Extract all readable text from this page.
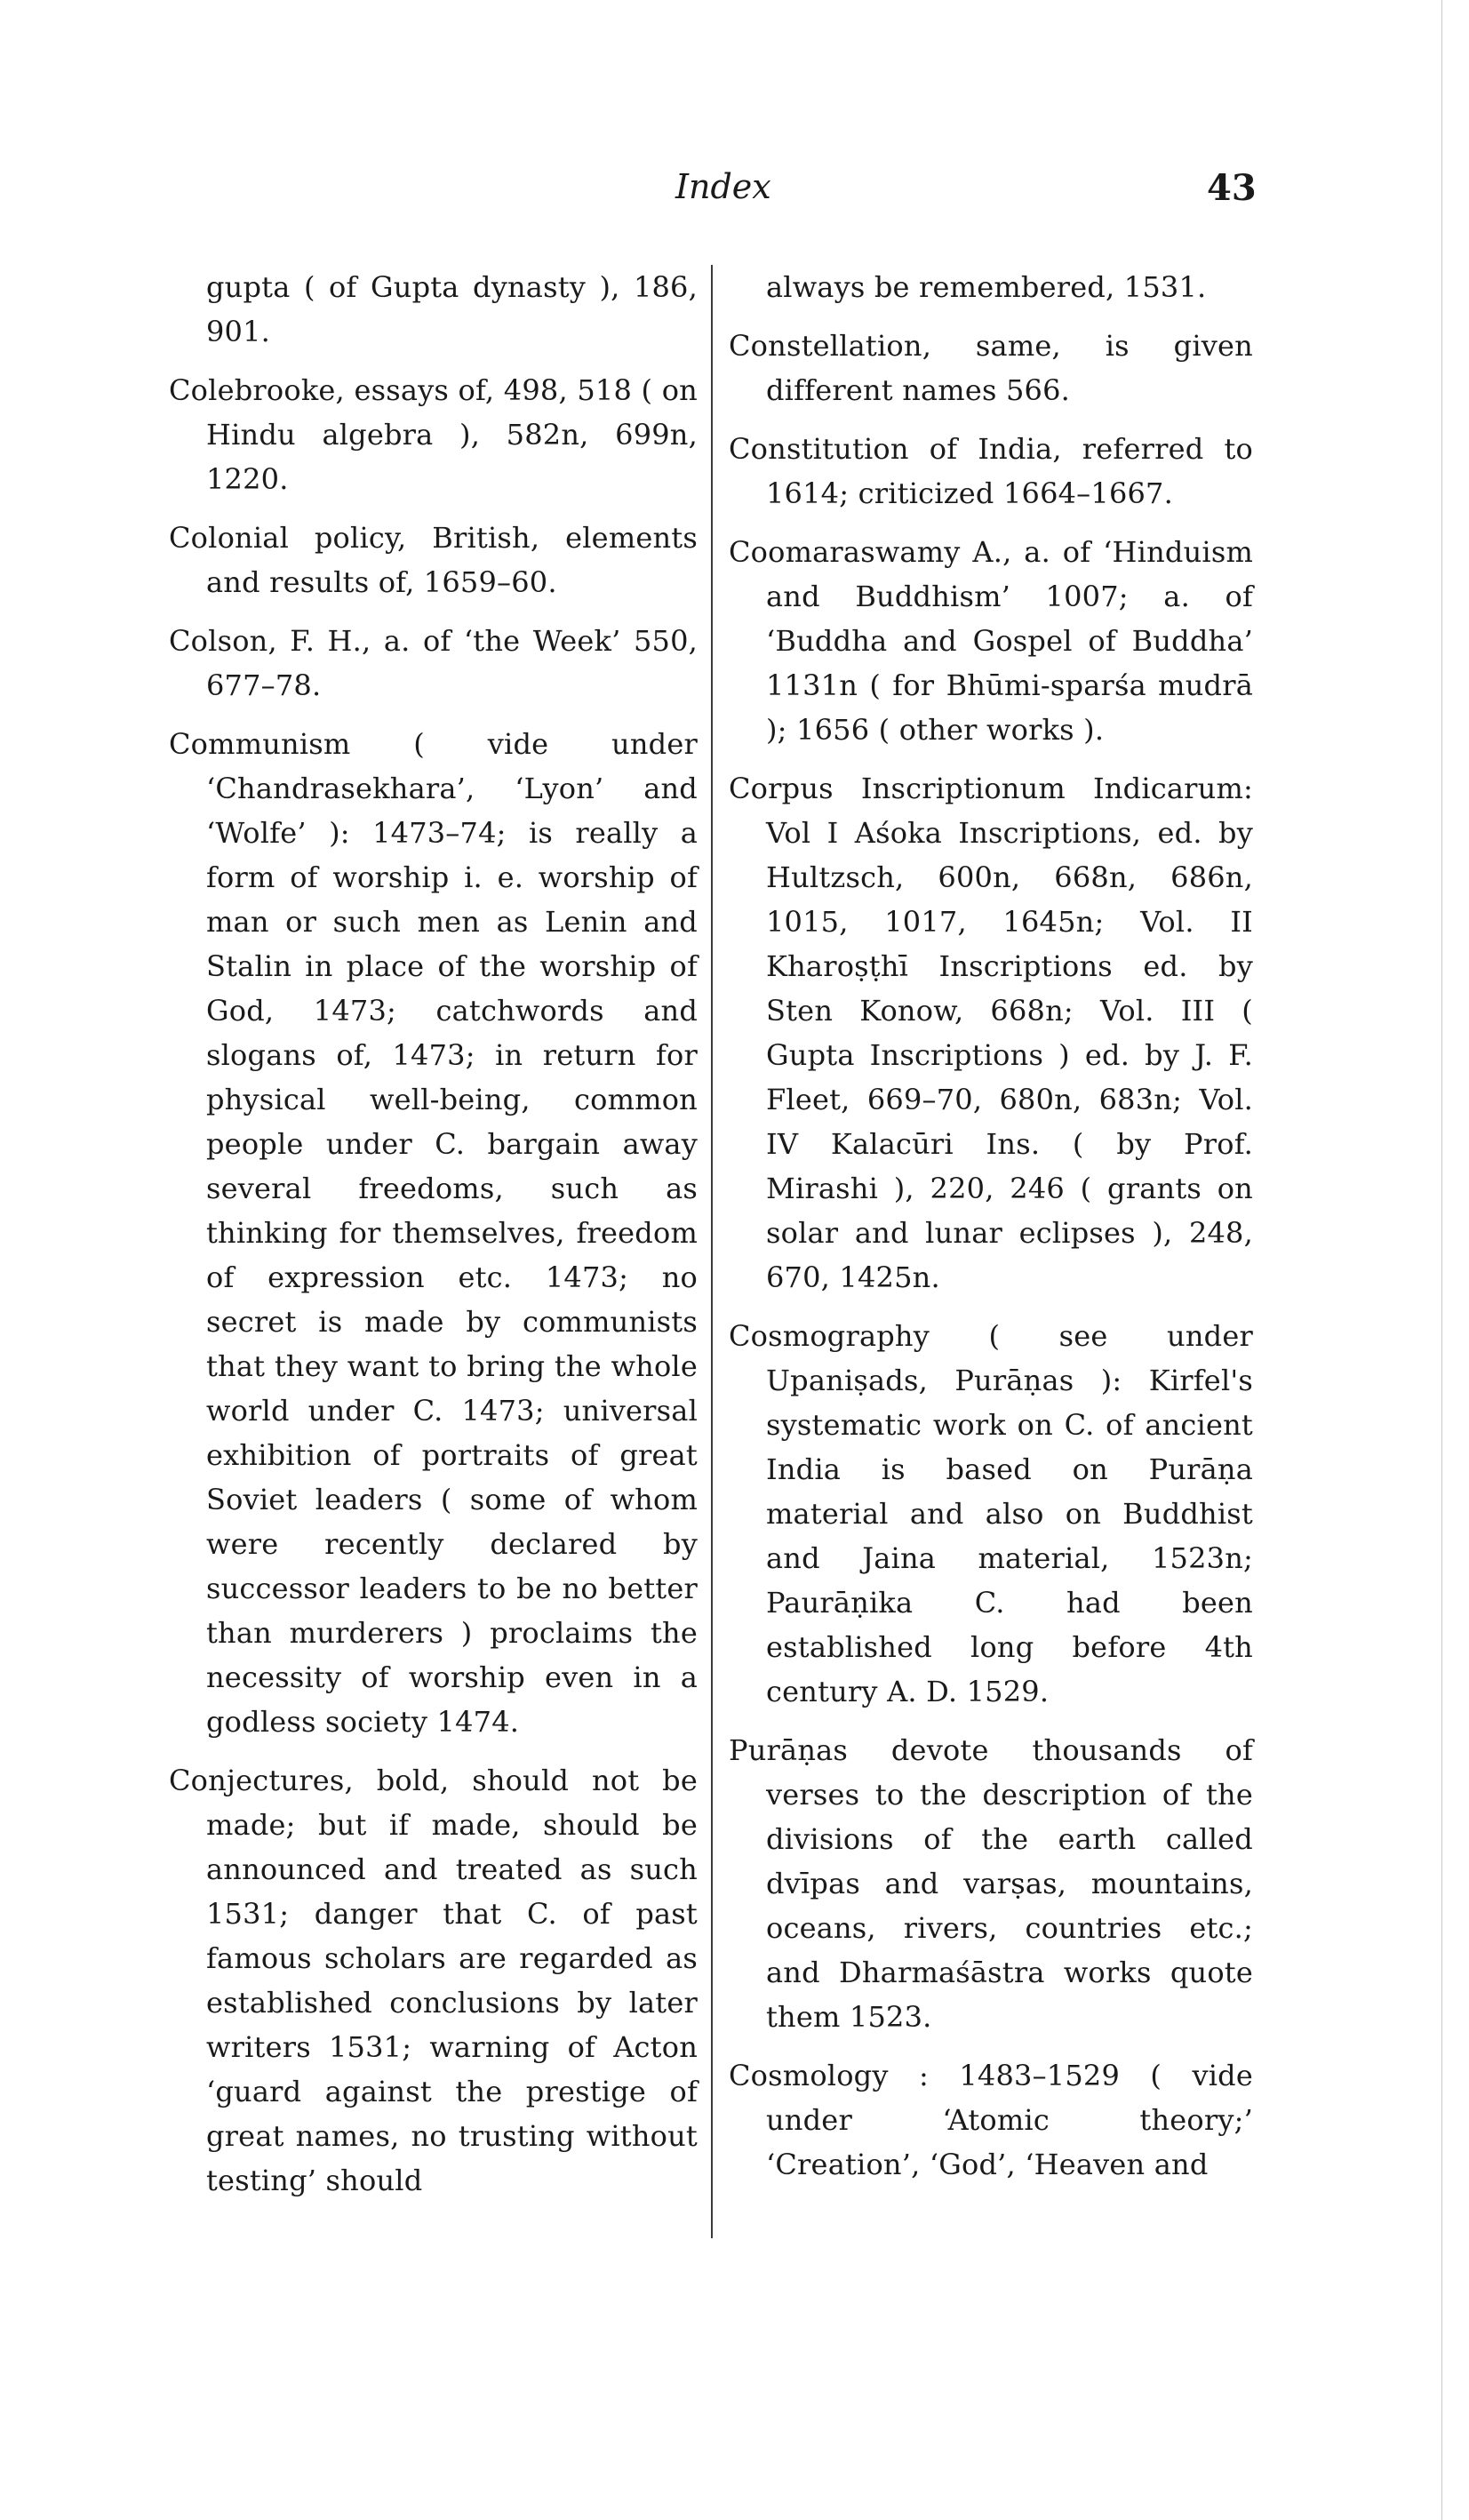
Index	43

gupta ( of Gupta dynasty ), 186, 901.

Colebrooke, essays of, 498, 518 ( on Hindu algebra ), 582n, 699n, 1220.

Colonial policy, British, elements and results of, 1659–60.

Colson, F. H., a. of ‘the Week’ 550, 677–78.

Communism ( vide under ‘Chandrasekhara’, ‘Lyon’ and ‘Wolfe’ ): 1473–74; is really a form of worship i. e. worship of man or such men as Lenin and Stalin in place of the worship of God, 1473; catchwords and slogans of, 1473; in return for physical well-being, common people under C. bargain away several freedoms, such as thinking for themselves, freedom of expression etc. 1473; no secret is made by communists that they want to bring the whole world under C. 1473; universal exhibition of portraits of great Soviet leaders ( some of whom were recently declared by successor leaders to be no better than murderers ) proclaims the necessity of worship even in a godless society 1474.

Conjectures, bold, should not be made; but if made, should be announced and treated as such 1531; danger that C. of past famous scholars are regarded as established conclusions by later writers 1531; warning of Acton ‘guard against the prestige of great names, no trusting without testing’ should

always be remembered, 1531.

Constellation, same, is given different names 566.

Constitution of India, referred to 1614; criticized 1664–1667.

Coomaraswamy A., a. of ‘Hinduism and Buddhism’ 1007; a. of ‘Buddha and Gospel of Buddha’ 1131n ( for Bhūmi-sparśa mudrā ); 1656 ( other works ).

Corpus Inscriptionum Indicarum: Vol I Aśoka Inscriptions, ed. by Hultzsch, 600n, 668n, 686n, 1015, 1017, 1645n; Vol. II Kharoṣṭhī Inscriptions ed. by Sten Konow, 668n; Vol. III ( Gupta Inscriptions ) ed. by J. F. Fleet, 669–70, 680n, 683n; Vol. IV Kalacūri Ins. ( by Prof. Mirashi ), 220, 246 ( grants on solar and lunar eclipses ), 248, 670, 1425n.

Cosmography ( see under Upaniṣads, Purāṇas ): Kirfel's systematic work on C. of ancient India is based on Purāṇa material and also on Buddhist and Jaina material, 1523n; Paurāṇika C. had been established long before 4th century A. D. 1529.

Purāṇas devote thousands of verses to the description of the divisions of the earth called dvīpas and varṣas, mountains, oceans, rivers, countries etc.; and Dharmaśāstra works quote them 1523.

Cosmology : 1483–1529 ( vide under ‘Atomic theory;’ ‘Creation’, ‘God’, ‘Heaven and
